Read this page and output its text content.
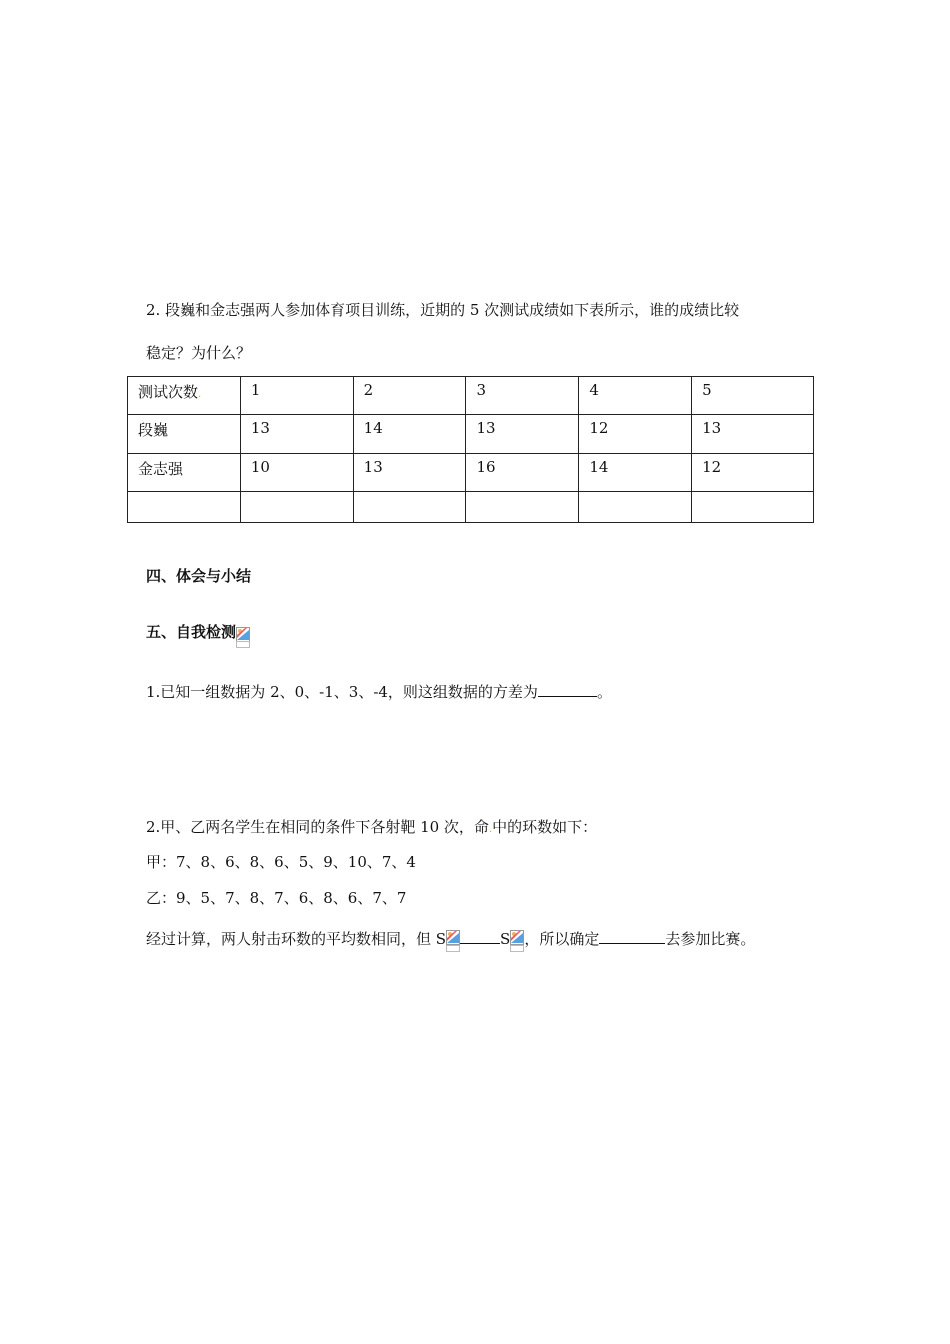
2. 段巍和金志强两人参加体育项目训练，近期的 5 次测试成绩如下表所示，谁的成绩比较
稳定？为什么？
测试次数.	1	2	3	4	5
段巍	13	14	13	12	13
金志强	10	13	16	14	12

四、体会与小结
五、自我检测
1.已知一组数据为 2、0、-1、3、-4，则这组数据的方差为	。
2.甲、乙两名学生在相同的条件下各射靶 10 次，命.中的环数如下：
甲：7、8、6、8、6、5、9、10、7、4
乙：9、5、7、8、7、6、8、6、7、7
经过计算，两人射击环数的平均数相同，但 S	S ，所以确定	去参加比赛。
